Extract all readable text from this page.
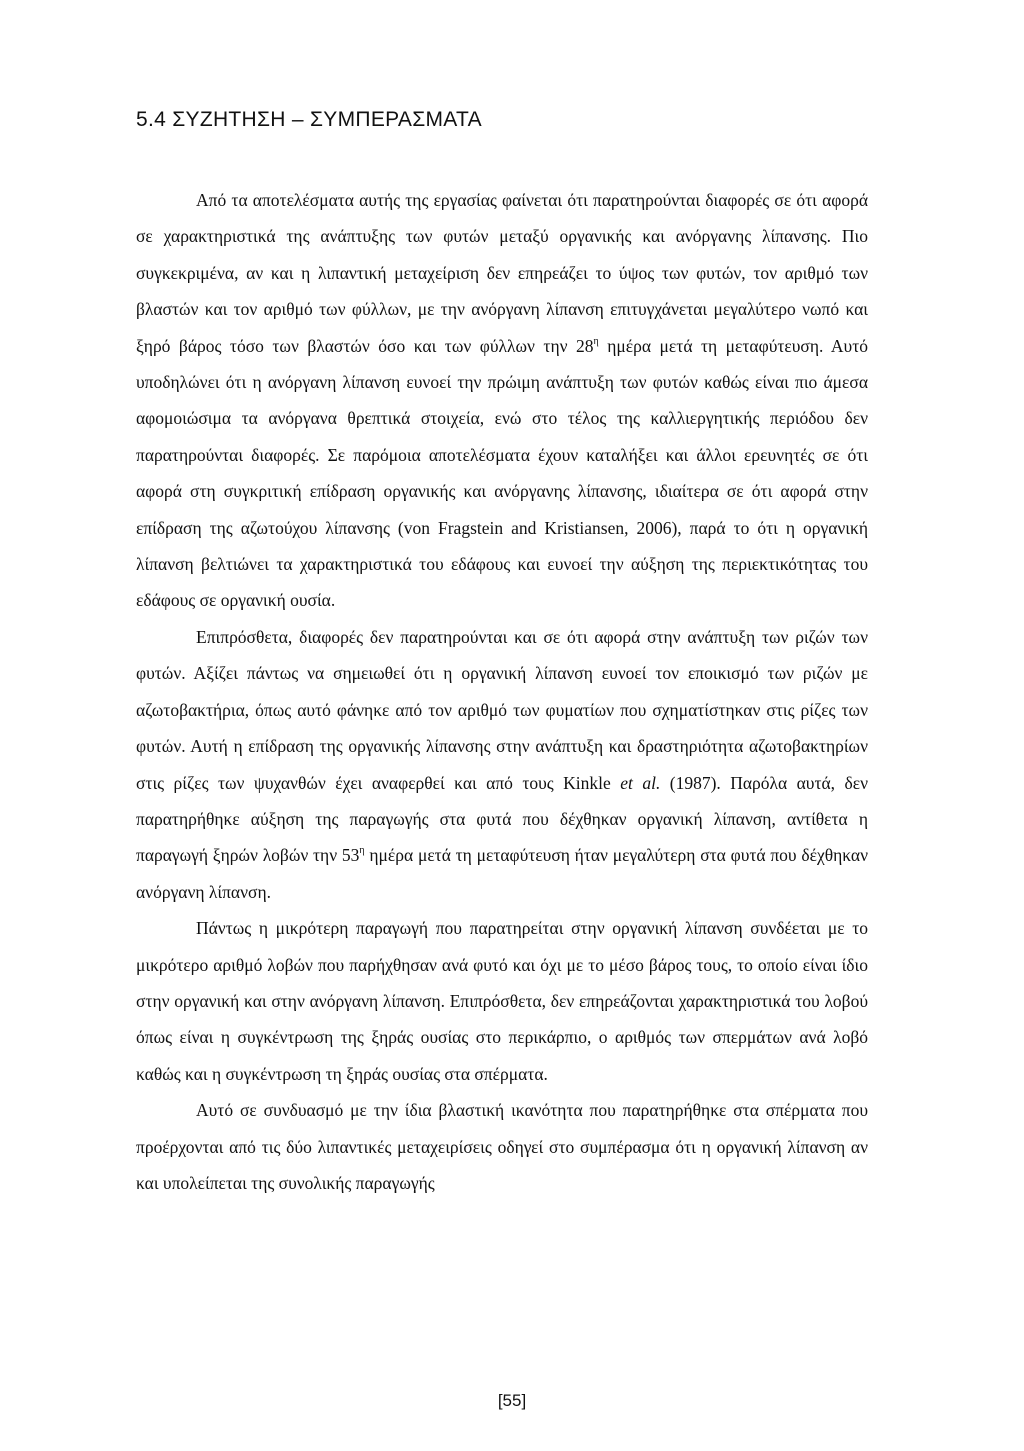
5.4 ΣΥΖΗΤΗΣΗ – ΣΥΜΠΕΡΑΣΜΑΤΑ

Από τα αποτελέσματα αυτής της εργασίας φαίνεται ότι παρατηρούνται διαφορές σε ότι αφορά σε χαρακτηριστικά της ανάπτυξης των φυτών μεταξύ οργανικής και ανόργανης λίπανσης. Πιο συγκεκριμένα, αν και η λιπαντική μεταχείριση δεν επηρεάζει το ύψος των φυτών, τον αριθμό των βλαστών και τον αριθμό των φύλλων, με την ανόργανη λίπανση επιτυγχάνεται μεγαλύτερο νωπό και ξηρό βάρος τόσο των βλαστών όσο και των φύλλων την $28^\eta$ ημέρα μετά τη μεταφύτευση. Αυτό υποδηλώνει ότι η ανόργανη λίπανση ευνοεί την πρώιμη ανάπτυξη των φυτών καθώς είναι πιο άμεσα αφομοιώσιμα τα ανόργανα θρεπτικά στοιχεία, ενώ στο τέλος της καλλιεργητικής περιόδου δεν παρατηρούνται διαφορές. Σε παρόμοια αποτελέσματα έχουν καταλήξει και άλλοι ερευνητές σε ότι αφορά στη συγκριτική επίδραση οργανικής και ανόργανης λίπανσης, ιδιαίτερα σε ότι αφορά στην επίδραση της αζωτούχου λίπανσης (von Fragstein and Kristiansen, 2006), παρά το ότι η οργανική λίπανση βελτιώνει τα χαρακτηριστικά του εδάφους και ευνοεί την αύξηση της περιεκτικότητας του εδάφους σε οργανική ουσία.

Επιπρόσθετα, διαφορές δεν παρατηρούνται και σε ότι αφορά στην ανάπτυξη των ριζών των φυτών. Αξίζει πάντως να σημειωθεί ότι η οργανική λίπανση ευνοεί τον εποικισμό των ριζών με αζωτοβακτήρια, όπως αυτό φάνηκε από τον αριθμό των φυματίων που σχηματίστηκαν στις ρίζες των φυτών. Αυτή η επίδραση της οργανικής λίπανσης στην ανάπτυξη και δραστηριότητα αζωτοβακτηρίων στις ρίζες των ψυχανθών έχει αναφερθεί και από τους Kinkle et al. (1987). Παρόλα αυτά, δεν παρατηρήθηκε αύξηση της παραγωγής στα φυτά που δέχθηκαν οργανική λίπανση, αντίθετα η παραγωγή ξηρών λοβών την $53^\eta$ ημέρα μετά τη μεταφύτευση ήταν μεγαλύτερη στα φυτά που δέχθηκαν ανόργανη λίπανση.

Πάντως η μικρότερη παραγωγή που παρατηρείται στην οργανική λίπανση συνδέεται με το μικρότερο αριθμό λοβών που παρήχθησαν ανά φυτό και όχι με το μέσο βάρος τους, το οποίο είναι ίδιο στην οργανική και στην ανόργανη λίπανση. Επιπρόσθετα, δεν επηρεάζονται χαρακτηριστικά του λοβού όπως είναι η συγκέντρωση της ξηράς ουσίας στο περικάρπιο, ο αριθμός των σπερμάτων ανά λοβό καθώς και η συγκέντρωση τη ξηράς ουσίας στα σπέρματα.

Αυτό σε συνδυασμό με την ίδια βλαστική ικανότητα που παρατηρήθηκε στα σπέρματα που προέρχονται από τις δύο λιπαντικές μεταχειρίσεις οδηγεί στο συμπέρασμα ότι η οργανική λίπανση αν και υπολείπεται της συνολικής παραγωγής

[55]
